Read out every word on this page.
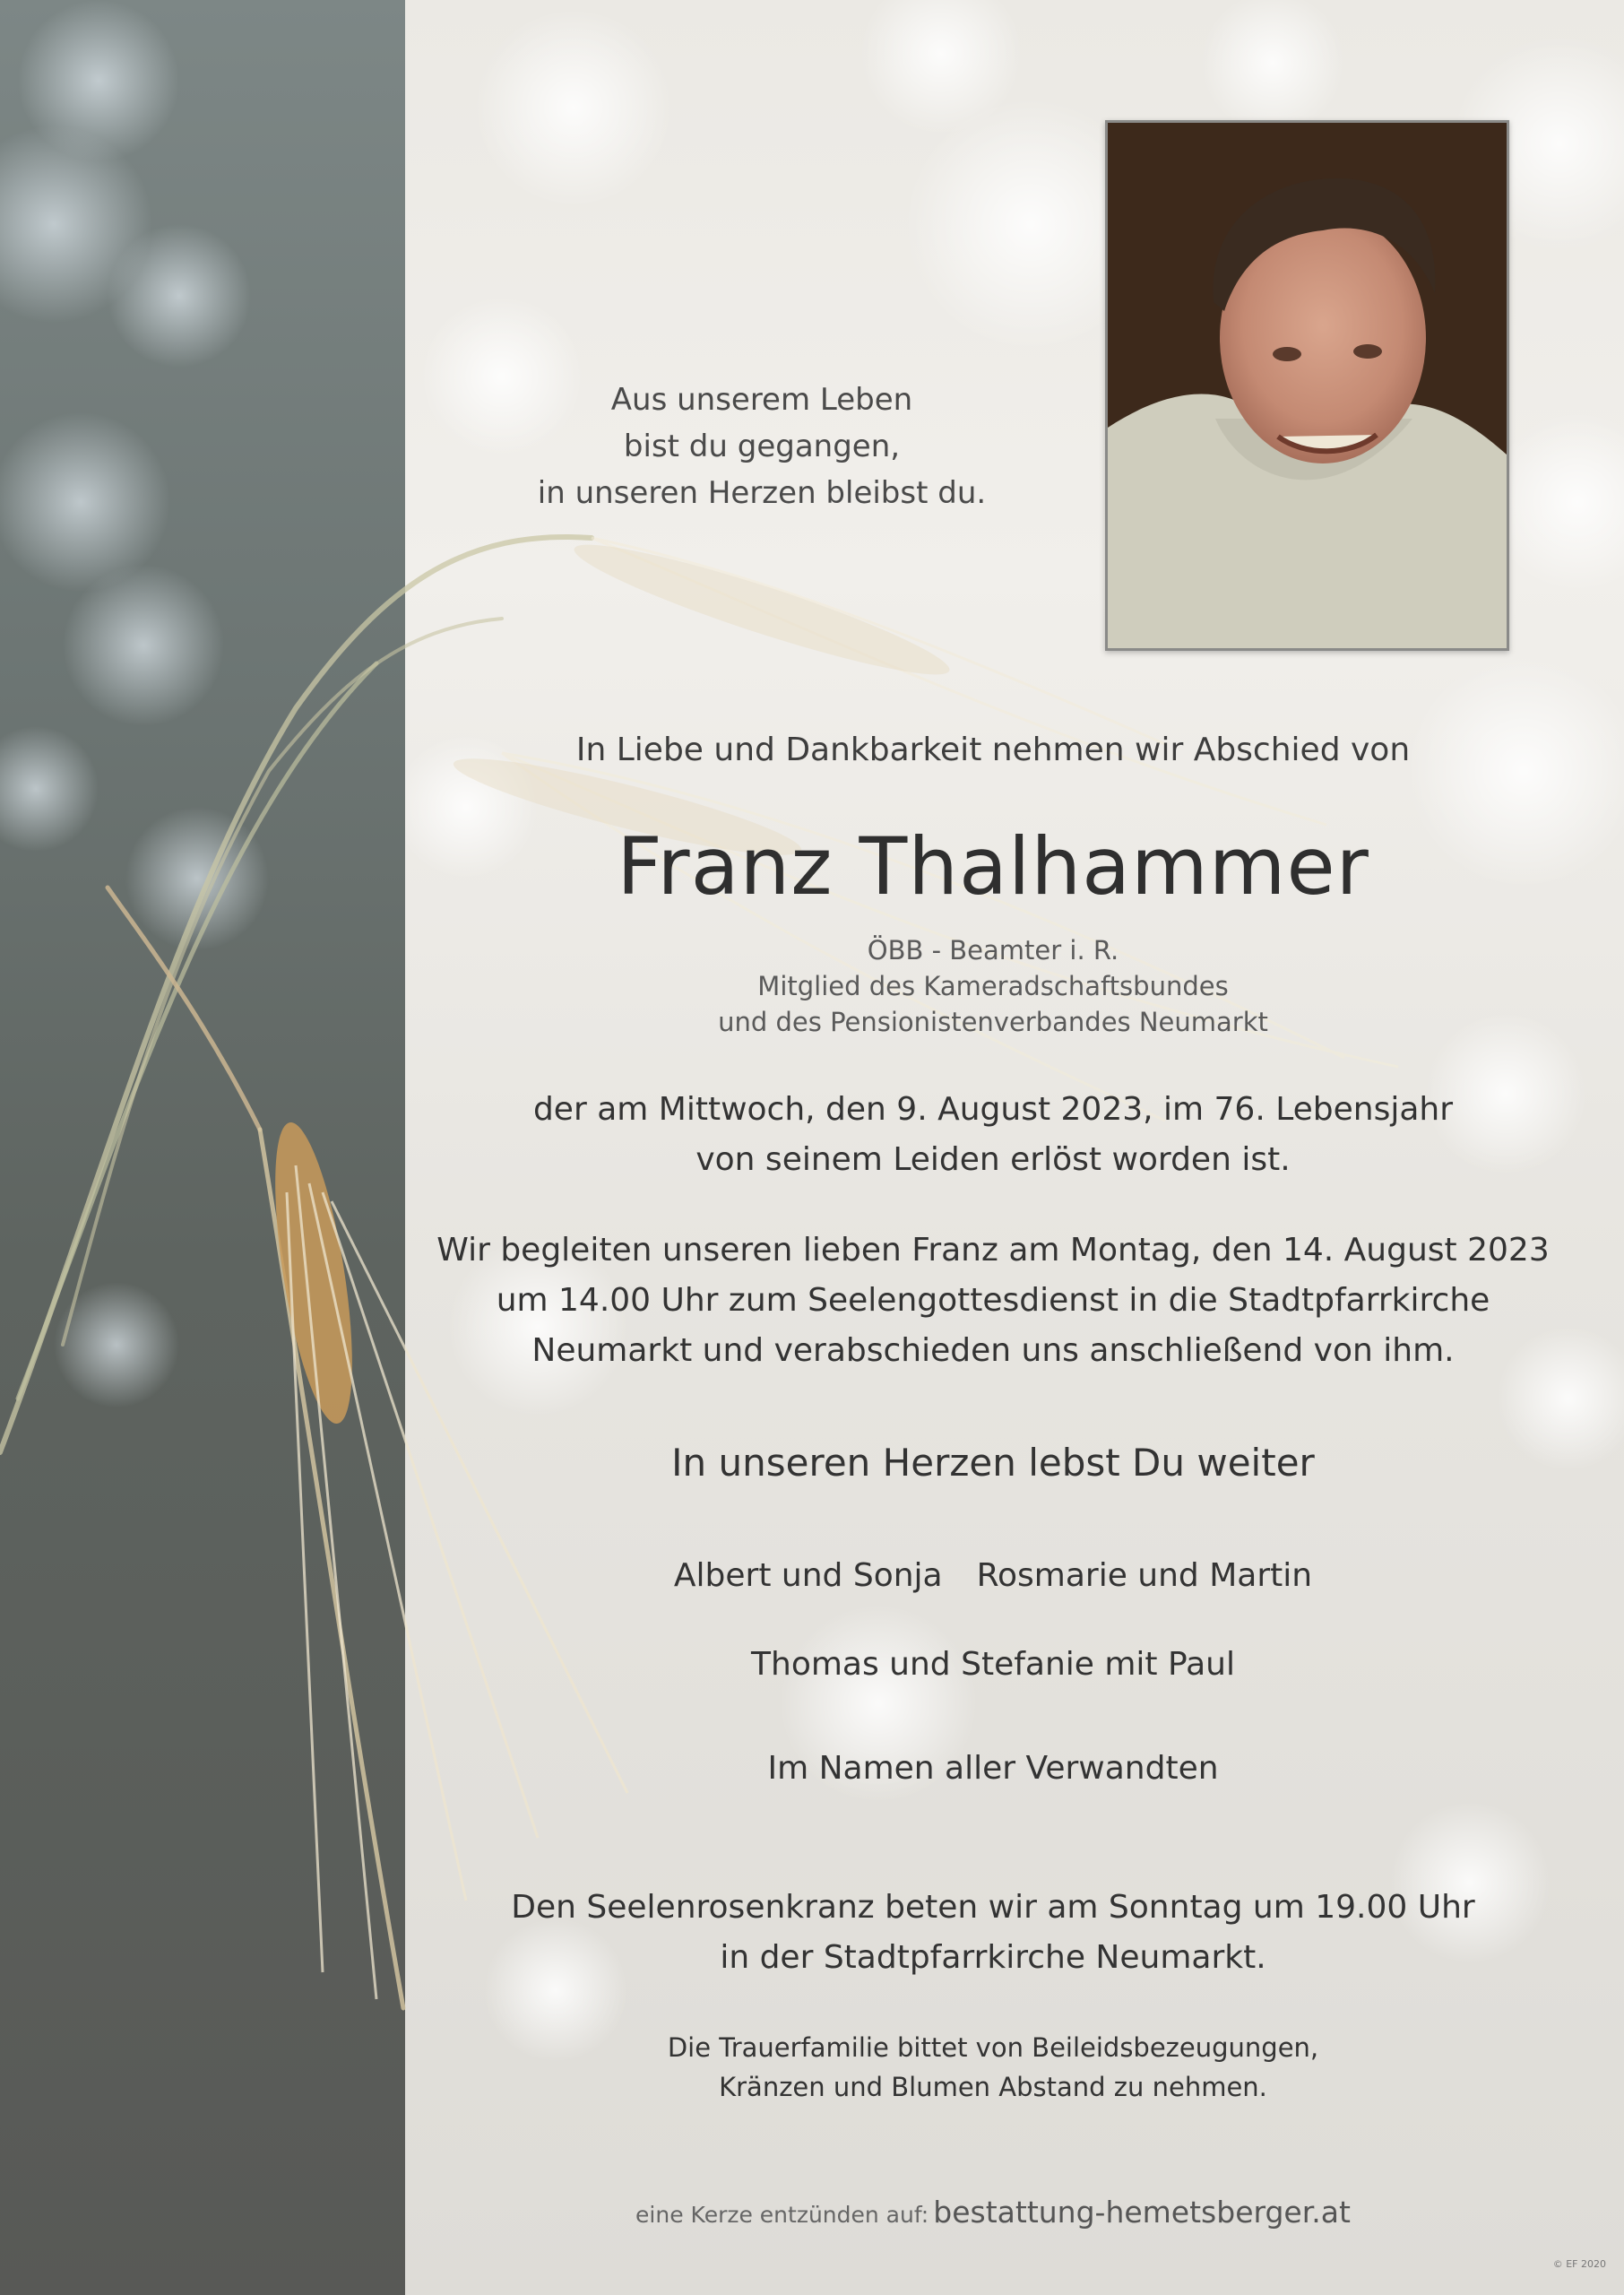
Aus unserem Leben
bist du gegangen,
in unseren Herzen bleibst du.
In Liebe und Dankbarkeit nehmen wir Abschied von
Franz Thalhammer
ÖBB - Beamter i. R.
Mitglied des Kameradschaftsbundes
und des Pensionistenverbandes Neumarkt
der am Mittwoch, den 9. August 2023, im 76. Lebensjahr
von seinem Leiden erlöst worden ist.
Wir begleiten unseren lieben Franz am Montag, den 14. August 2023
um 14.00 Uhr zum Seelengottesdienst in die Stadtpfarrkirche
Neumarkt und verabschieden uns anschließend von ihm.
In unseren Herzen lebst Du weiter
Albert und Sonja Rosmarie und Martin
Thomas und Stefanie mit Paul
Im Namen aller Verwandten
Den Seelenrosenkranz beten wir am Sonntag um 19.00 Uhr
in der Stadtpfarrkirche Neumarkt.
Die Trauerfamilie bittet von Beileidsbezeugungen,
Kränzen und Blumen Abstand zu nehmen.
eine Kerze entzünden auf: bestattung-hemetsberger.at
© EF 2020
